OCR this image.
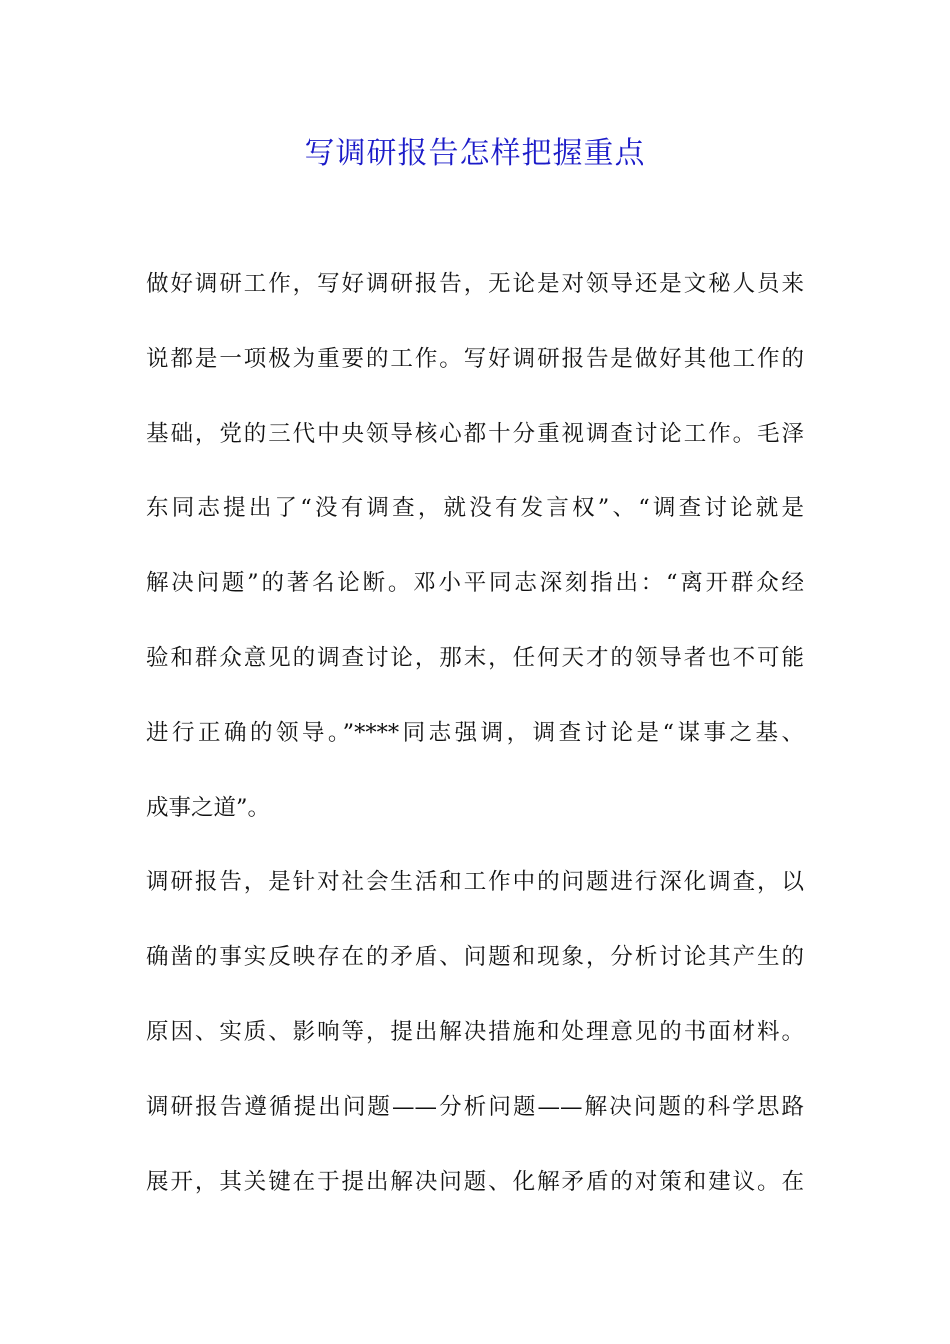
写调研报告怎样把握重点
做好调研工作，写好调研报告，无论是对领导还是文秘人员来
说都是一项极为重要的工作。写好调研报告是做好其他工作的
基础，党的三代中央领导核心都十分重视调查讨论工作。毛泽
东同志提出了“没有调查，就没有发言权”、“调查讨论就是
解决问题”的著名论断。邓小平同志深刻指出：“离开群众经
验和群众意见的调查讨论，那末，任何天才的领导者也不可能
进行正确的领导。”****同志强调，调查讨论是“谋事之基、
成事之道”。
调研报告，是针对社会生活和工作中的问题进行深化调查，以
确凿的事实反映存在的矛盾、问题和现象，分析讨论其产生的
原因、实质、影响等，提出解决措施和处理意见的书面材料。
调研报告遵循提出问题——分析问题——解决问题的科学思路
展开，其关键在于提出解决问题、化解矛盾的对策和建议。在
